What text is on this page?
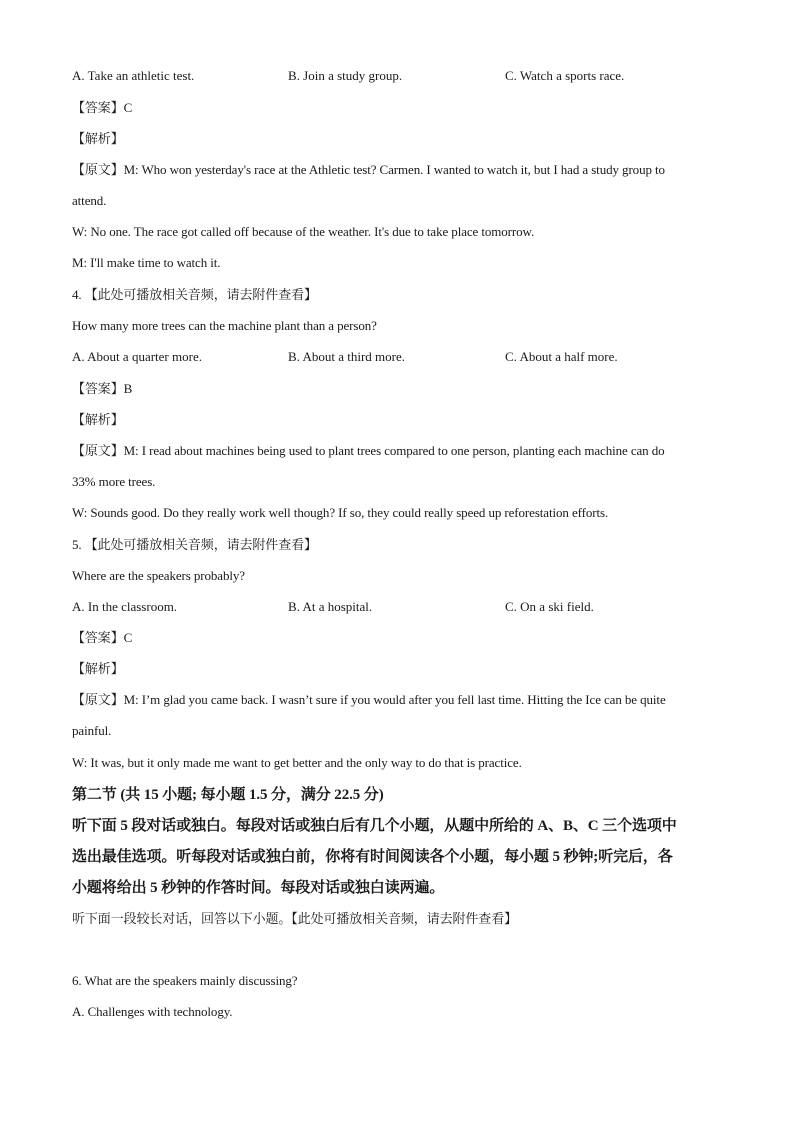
A. Take an athletic test.	B. Join a study group.	C. Watch a sports race.
【答案】C
【解析】
【原文】M: Who won yesterday's race at the Athletic test? Carmen. I wanted to watch it, but I had a study group to
attend.
W: No one. The race got called off because of the weather. It's due to take place tomorrow.
M: I'll make time to watch it.
4. 【此处可播放相关音频，请去附件查看】
How many more trees can the machine plant than a person?
A. About a quarter more.	B. About a third more.	C. About a half more.
【答案】B
【解析】
【原文】M: I read about machines being used to plant trees compared to one person, planting each machine can do
33% more trees.
W: Sounds good. Do they really work well though? If so, they could really speed up reforestation efforts.
5. 【此处可播放相关音频，请去附件查看】
Where are the speakers probably?
A. In the classroom.	B. At a hospital.	C. On a ski field.
【答案】C
【解析】
【原文】M: I’m glad you came back. I wasn’t sure if you would after you fell last time. Hitting the Ice can be quite
painful.
W: It was, but it only made me want to get better and the only way to do that is practice.
第二节 (共 15 小题; 每小题 1.5 分，满分 22.5 分)
听下面 5 段对话或独白。每段对话或独白后有几个小题，从题中所给的 A、B、C 三个选项中
选出最佳选项。听每段对话或独白前，你将有时间阅读各个小题，每小题 5 秒钟;听完后，各
小题将给出 5 秒钟的作答时间。每段对话或独白读两遍。
听下面一段较长对话，回答以下小题。【此处可播放相关音频，请去附件查看】
6. What are the speakers mainly discussing?
A. Challenges with technology.
